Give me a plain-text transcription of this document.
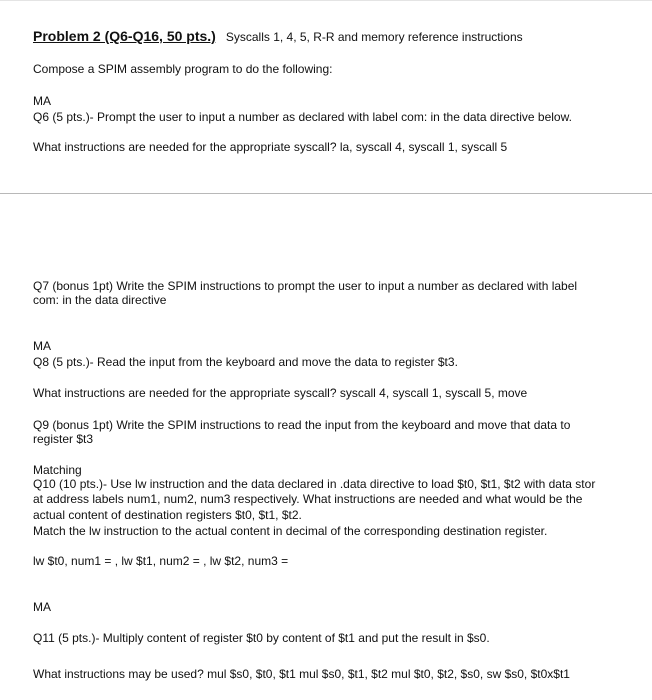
Problem 2 (Q6-Q16, 50 pts.) Syscalls 1, 4, 5, R-R and memory reference instructions
Compose a SPIM assembly program to do the following:
MA
Q6 (5 pts.)- Prompt the user to input a number as declared with label com: in the data directive below.
What instructions are needed for the appropriate syscall? la, syscall 4, syscall 1, syscall 5
Q7 (bonus 1pt) Write the SPIM instructions to prompt the user to input a number as declared with label
com: in the data directive
MA
Q8 (5 pts.)- Read the input from the keyboard and move the data to register $t3.
What instructions are needed for the appropriate syscall? syscall 4, syscall 1, syscall 5, move
Q9 (bonus 1pt) Write the SPIM instructions to read the input from the keyboard and move that data to
register $t3
Matching
Q10 (10 pts.)- Use lw instruction and the data declared in .data directive to load $t0, $t1, $t2 with data stor
at address labels num1, num2, num3 respectively. What instructions are needed and what would be the
actual content of destination registers $t0, $t1, $t2.
Match the lw instruction to the actual content in decimal of the corresponding destination register.
lw $t0, num1 = , lw $t1, num2 = , lw $t2, num3 =
MA
Q11 (5 pts.)- Multiply content of register $t0 by content of $t1 and put the result in $s0.
What instructions may be used? mul $s0, $t0, $t1 mul $s0, $t1, $t2 mul $t0, $t2, $s0, sw $s0, $t0x$t1
